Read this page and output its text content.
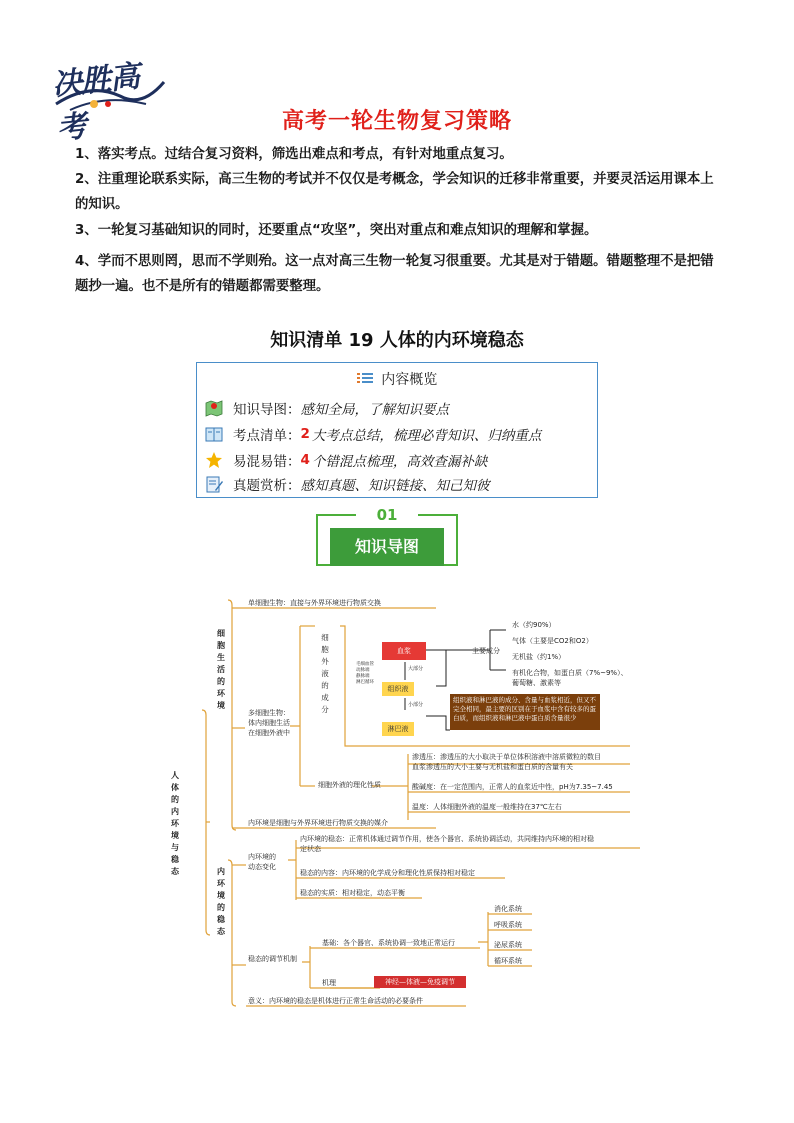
决胜高考	高考一轮生物复习策略
1、落实考点。过结合复习资料，筛选出难点和考点，有针对地重点复习。
2、注重理论联系实际，高三生物的考试并不仅仅是考概念，学会知识的迁移非常重要，并要灵活运用课本上的知识。
3、一轮复习基础知识的同时，还要重点“攻坚”，突出对重点和难点知识的理解和掌握。
4、学而不思则罔，思而不学则殆。这一点对高三生物一轮复习很重要。尤其是对于错题。错题整理不是把错题抄一遍。也不是所有的错题都需要整理。
知识清单 19 人体的内环境稳态
内容概览
知识导图： 感知全局，了解知识要点
考点清单： 2 大考点总结，梳理必背知识、归纳重点
易混易错： 4 个错混点梳理，高效查漏补缺
真题赏析： 感知真题、知识链接、知己知彼
01
知识导图
人体的内环境与稳态
细胞生活的环境
内环境的稳态
单细胞生物：直接与外界环境进行物质交换
多细胞生物：
体内细胞生活
在细胞外液中
细胞外液的成分
血浆
组织液
淋巴液
大部分
小部分
毛细血管
动脉端
静脉端
淋巴循环
主要成分
水（约90%）
气体（主要是CO2和O2）
无机盐（约1%）
有机化合物，如蛋白质（7%~9%）、
葡萄糖、激素等
组织液和淋巴液的成分、含量与血浆相近，但又不完全相同，最主要的区别在于血浆中含有较多的蛋白质，而组织液和淋巴液中蛋白质含量很少
细胞外液的理化性质
渗透压：渗透压的大小取决于单位体积溶液中溶质微粒的数目
血浆渗透压的大小主要与无机盐和蛋白质的含量有关
酸碱度：在一定范围内，正常人的血浆近中性，pH为7.35~7.45
温度：人体细胞外液的温度一般维持在37℃左右
内环境是细胞与外界环境进行物质交换的媒介
内环境的
动态变化
内环境的稳态：正常机体通过调节作用，使各个器官、系统协调活动，共同维持内环境的相对稳
定状态
稳态的内容：内环境的化学成分和理化性质保持相对稳定
稳态的实质：相对稳定，动态平衡
稳态的调节机制
基础：各个器官、系统协调一致地正常运行
消化系统
呼吸系统
泌尿系统
循环系统
机理	神经—体液—免疫调节
意义：内环境的稳态是机体进行正常生命活动的必要条件
